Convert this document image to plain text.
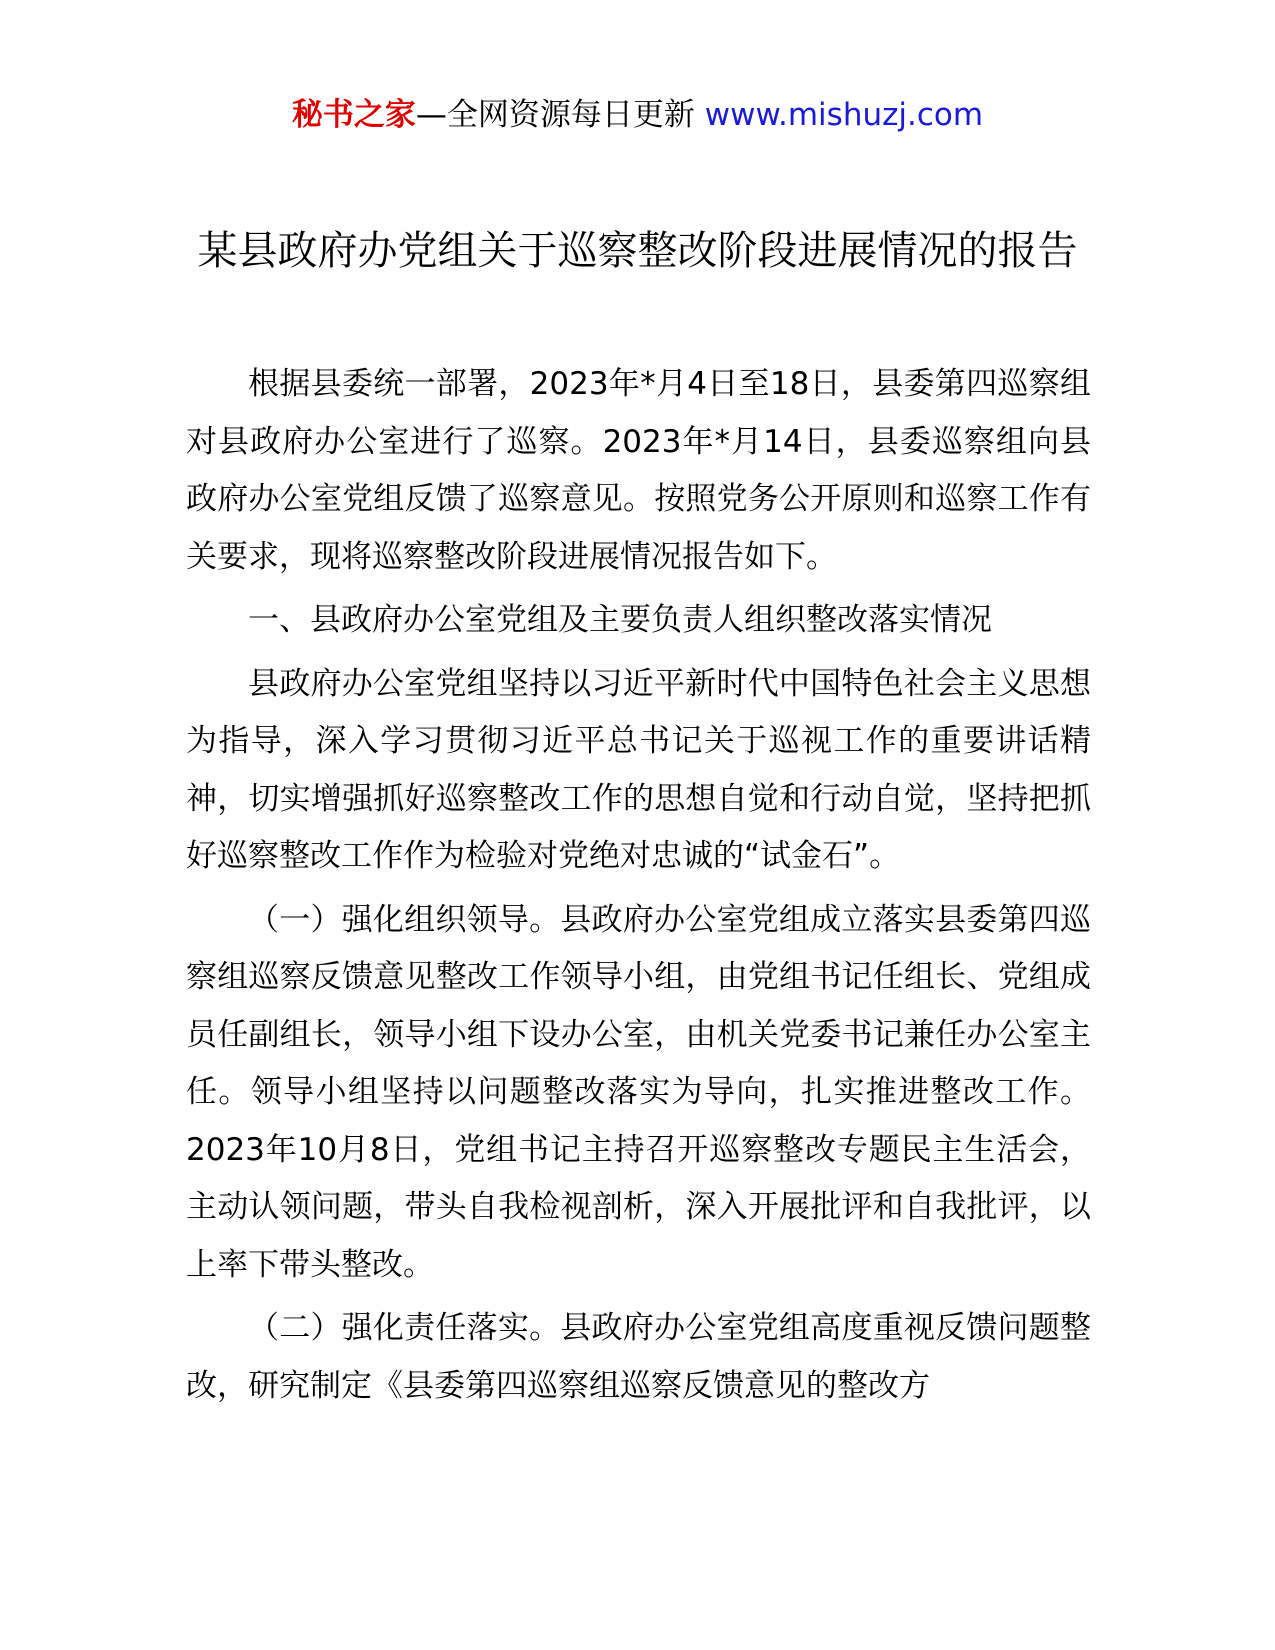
秘书之家—全网资源每日更新 www.mishuzj.com
某县政府办党组关于巡察整改阶段进展情况的报告

根据县委统一部署，2023年*月4日至18日，县委第四巡察组对县政府办公室进行了巡察。2023年*月14日，县委巡察组向县政府办公室党组反馈了巡察意见。按照党务公开原则和巡察工作有关要求，现将巡察整改阶段进展情况报告如下。

一、县政府办公室党组及主要负责人组织整改落实情况

县政府办公室党组坚持以习近平新时代中国特色社会主义思想为指导，深入学习贯彻习近平总书记关于巡视工作的重要讲话精神，切实增强抓好巡察整改工作的思想自觉和行动自觉，坚持把抓好巡察整改工作作为检验对党绝对忠诚的“试金石”。

（一）强化组织领导。县政府办公室党组成立落实县委第四巡察组巡察反馈意见整改工作领导小组，由党组书记任组长、党组成员任副组长，领导小组下设办公室，由机关党委书记兼任办公室主任。领导小组坚持以问题整改落实为导向，扎实推进整改工作。2023年10月8日，党组书记主持召开巡察整改专题民主生活会，主动认领问题，带头自我检视剖析，深入开展批评和自我批评，以上率下带头整改。

（二）强化责任落实。县政府办公室党组高度重视反馈问题整改，研究制定《县委第四巡察组巡察反馈意见的整改方
